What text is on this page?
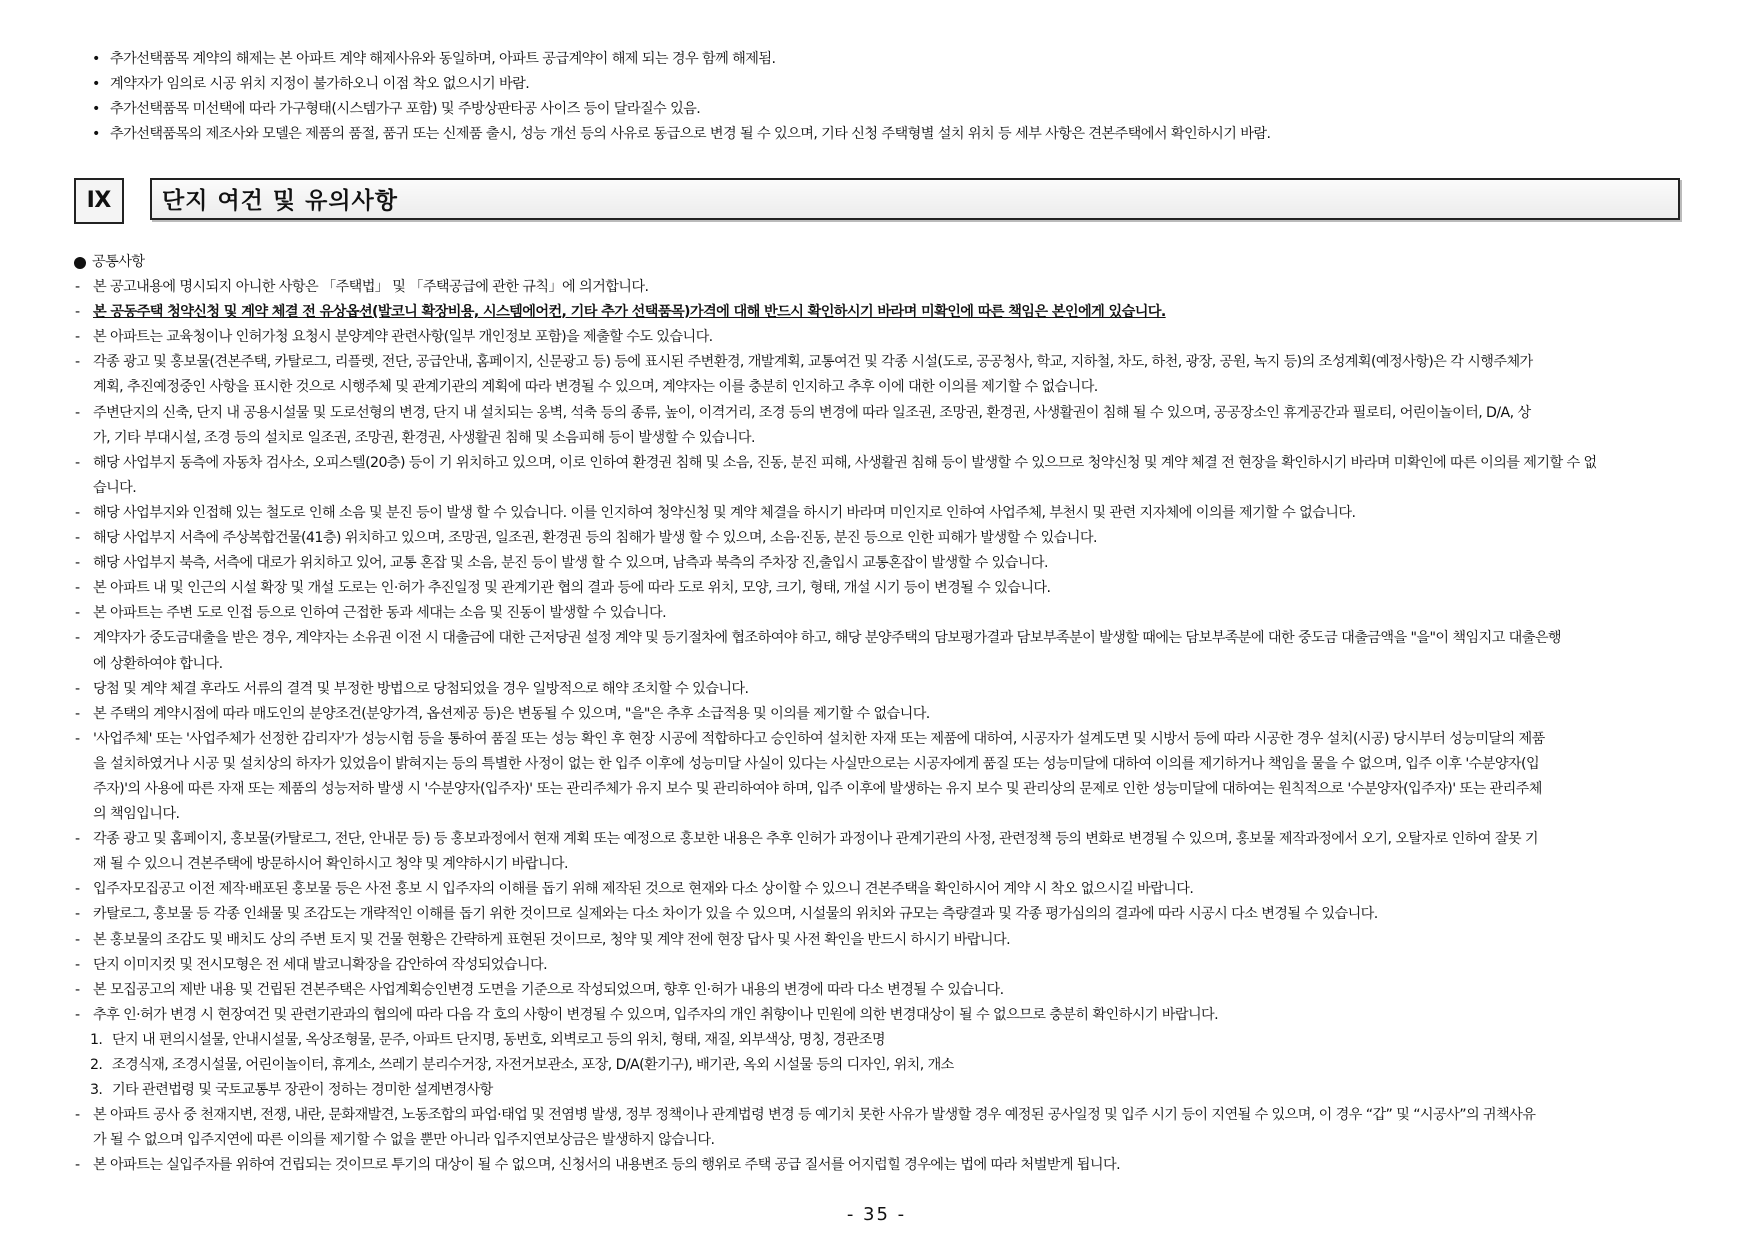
• 추가선택품목 계약의 해제는 본 아파트 계약 해제사유와 동일하며, 아파트 공급계약이 해제 되는 경우 함께 해제됨.
• 계약자가 임의로 시공 위치 지정이 불가하오니 이점 착오 없으시기 바람.
• 추가선택품목 미선택에 따라 가구형태(시스템가구 포함) 및 주방상판타공 사이즈 등이 달라질수 있음.
• 추가선택품목의 제조사와 모델은 제품의 품절, 품귀 또는 신제품 출시, 성능 개선 등의 사유로 동급으로 변경 될 수 있으며, 기타 신청 주택형별 설치 위치 등 세부 사항은 견본주택에서 확인하시기 바람.
Ⅸ	단지 여건 및 유의사항
공통사항
- 본 공고내용에 명시되지 아니한 사항은 「주택법」 및 「주택공급에 관한 규칙」에 의거합니다.
- 본 공동주택 청약신청 및 계약 체결 전 유상옵션(발코니 확장비용, 시스템에어컨, 기타 추가 선택품목)가격에 대해 반드시 확인하시기 바라며 미확인에 따른 책임은 본인에게 있습니다.
- 본 아파트는 교육청이나 인허가청 요청시 분양계약 관련사항(일부 개인정보 포함)을 제출할 수도 있습니다.
- 각종 광고 및 홍보물(견본주택, 카탈로그, 리플렛, 전단, 공급안내, 홈페이지, 신문광고 등) 등에 표시된 주변환경, 개발계획, 교통여건 및 각종 시설(도로, 공공청사, 학교, 지하철, 차도, 하천, 광장, 공원, 녹지 등)의 조성계획(예정사항)은 각 시행주체가
계획, 추진예정중인 사항을 표시한 것으로 시행주체 및 관계기관의 계획에 따라 변경될 수 있으며, 계약자는 이를 충분히 인지하고 추후 이에 대한 이의를 제기할 수 없습니다.
- 주변단지의 신축, 단지 내 공용시설물 및 도로선형의 변경, 단지 내 설치되는 옹벽, 석축 등의 종류, 높이, 이격거리, 조경 등의 변경에 따라 일조권, 조망권, 환경권, 사생활권이 침해 될 수 있으며, 공공장소인 휴게공간과 필로티, 어린이놀이터, D/A, 상
가, 기타 부대시설, 조경 등의 설치로 일조권, 조망권, 환경권, 사생활권 침해 및 소음피해 등이 발생할 수 있습니다.
- 해당 사업부지 동측에 자동차 검사소, 오피스텔(20층) 등이 기 위치하고 있으며, 이로 인하여 환경권 침해 및 소음, 진동, 분진 피해, 사생활권 침해 등이 발생할 수 있으므로 청약신청 및 계약 체결 전 현장을 확인하시기 바라며 미확인에 따른 이의를 제기할 수 없
습니다.
- 해당 사업부지와 인접해 있는 철도로 인해 소음 및 분진 등이 발생 할 수 있습니다. 이를 인지하여 청약신청 및 계약 체결을 하시기 바라며 미인지로 인하여 사업주체, 부천시 및 관련 지자체에 이의를 제기할 수 없습니다.
- 해당 사업부지 서측에 주상복합건물(41층) 위치하고 있으며, 조망권, 일조권, 환경권 등의 침해가 발생 할 수 있으며, 소음·진동, 분진 등으로 인한 피해가 발생할 수 있습니다.
- 해당 사업부지 북측, 서측에 대로가 위치하고 있어, 교통 혼잡 및 소음, 분진 등이 발생 할 수 있으며, 남측과 북측의 주차장 진,출입시 교통혼잡이 발생할 수 있습니다.
- 본 아파트 내 및 인근의 시설 확장 및 개설 도로는 인·허가 추진일정 및 관계기관 협의 결과 등에 따라 도로 위치, 모양, 크기, 형태, 개설 시기 등이 변경될 수 있습니다.
- 본 아파트는 주변 도로 인접 등으로 인하여 근접한 동과 세대는 소음 및 진동이 발생할 수 있습니다.
- 계약자가 중도금대출을 받은 경우, 계약자는 소유권 이전 시 대출금에 대한 근저당권 설정 계약 및 등기절차에 협조하여야 하고, 해당 분양주택의 담보평가결과 담보부족분이 발생할 때에는 담보부족분에 대한 중도금 대출금액을 "을"이 책임지고 대출은행
에 상환하여야 합니다.
- 당첨 및 계약 체결 후라도 서류의 결격 및 부정한 방법으로 당첨되었을 경우 일방적으로 해약 조치할 수 있습니다.
- 본 주택의 계약시점에 따라 매도인의 분양조건(분양가격, 옵션제공 등)은 변동될 수 있으며, "을"은 추후 소급적용 및 이의를 제기할 수 없습니다.
- '사업주체' 또는 '사업주체가 선정한 감리자'가 성능시험 등을 통하여 품질 또는 성능 확인 후 현장 시공에 적합하다고 승인하여 설치한 자재 또는 제품에 대하여, 시공자가 설계도면 및 시방서 등에 따라 시공한 경우 설치(시공) 당시부터 성능미달의 제품
을 설치하였거나 시공 및 설치상의 하자가 있었음이 밝혀지는 등의 특별한 사정이 없는 한 입주 이후에 성능미달 사실이 있다는 사실만으로는 시공자에게 품질 또는 성능미달에 대하여 이의를 제기하거나 책임을 물을 수 없으며, 입주 이후 '수분양자(입
주자)'의 사용에 따른 자재 또는 제품의 성능저하 발생 시 '수분양자(입주자)' 또는 관리주체가 유지 보수 및 관리하여야 하며, 입주 이후에 발생하는 유지 보수 및 관리상의 문제로 인한 성능미달에 대하여는 원칙적으로 '수분양자(입주자)' 또는 관리주체
의 책임입니다.
- 각종 광고 및 홈페이지, 홍보물(카탈로그, 전단, 안내문 등) 등 홍보과정에서 현재 계획 또는 예정으로 홍보한 내용은 추후 인허가 과정이나 관계기관의 사정, 관련정책 등의 변화로 변경될 수 있으며, 홍보물 제작과정에서 오기, 오탈자로 인하여 잘못 기
재 될 수 있으니 견본주택에 방문하시어 확인하시고 청약 및 계약하시기 바랍니다.
- 입주자모집공고 이전 제작·배포된 홍보물 등은 사전 홍보 시 입주자의 이해를 돕기 위해 제작된 것으로 현재와 다소 상이할 수 있으니 견본주택을 확인하시어 계약 시 착오 없으시길 바랍니다.
- 카탈로그, 홍보물 등 각종 인쇄물 및 조감도는 개략적인 이해를 돕기 위한 것이므로 실제와는 다소 차이가 있을 수 있으며, 시설물의 위치와 규모는 측량결과 및 각종 평가심의의 결과에 따라 시공시 다소 변경될 수 있습니다.
- 본 홍보물의 조감도 및 배치도 상의 주변 토지 및 건물 현황은 간략하게 표현된 것이므로, 청약 및 계약 전에 현장 답사 및 사전 확인을 반드시 하시기 바랍니다.
- 단지 이미지컷 및 전시모형은 전 세대 발코니확장을 감안하여 작성되었습니다.
- 본 모집공고의 제반 내용 및 건립된 견본주택은 사업계획승인변경 도면을 기준으로 작성되었으며, 향후 인·허가 내용의 변경에 따라 다소 변경될 수 있습니다.
- 추후 인·허가 변경 시 현장여건 및 관련기관과의 협의에 따라 다음 각 호의 사항이 변경될 수 있으며, 입주자의 개인 취향이나 민원에 의한 변경대상이 될 수 없으므로 충분히 확인하시기 바랍니다.
1. 단지 내 편의시설물, 안내시설물, 옥상조형물, 문주, 아파트 단지명, 동번호, 외벽로고 등의 위치, 형태, 재질, 외부색상, 명칭, 경관조명
2. 조경식재, 조경시설물, 어린이놀이터, 휴게소, 쓰레기 분리수거장, 자전거보관소, 포장, D/A(환기구), 배기관, 옥외 시설물 등의 디자인, 위치, 개소
3. 기타 관련법령 및 국토교통부 장관이 정하는 경미한 설계변경사항
- 본 아파트 공사 중 천재지변, 전쟁, 내란, 문화재발견, 노동조합의 파업·태업 및 전염병 발생, 정부 정책이나 관계법령 변경 등 예기치 못한 사유가 발생할 경우 예정된 공사일정 및 입주 시기 등이 지연될 수 있으며, 이 경우 “갑” 및 “시공사”의 귀책사유
가 될 수 없으며 입주지연에 따른 이의를 제기할 수 없을 뿐만 아니라 입주지연보상금은 발생하지 않습니다.
- 본 아파트는 실입주자를 위하여 건립되는 것이므로 투기의 대상이 될 수 없으며, 신청서의 내용변조 등의 행위로 주택 공급 질서를 어지럽힐 경우에는 법에 따라 처벌받게 됩니다.
- 35 -
